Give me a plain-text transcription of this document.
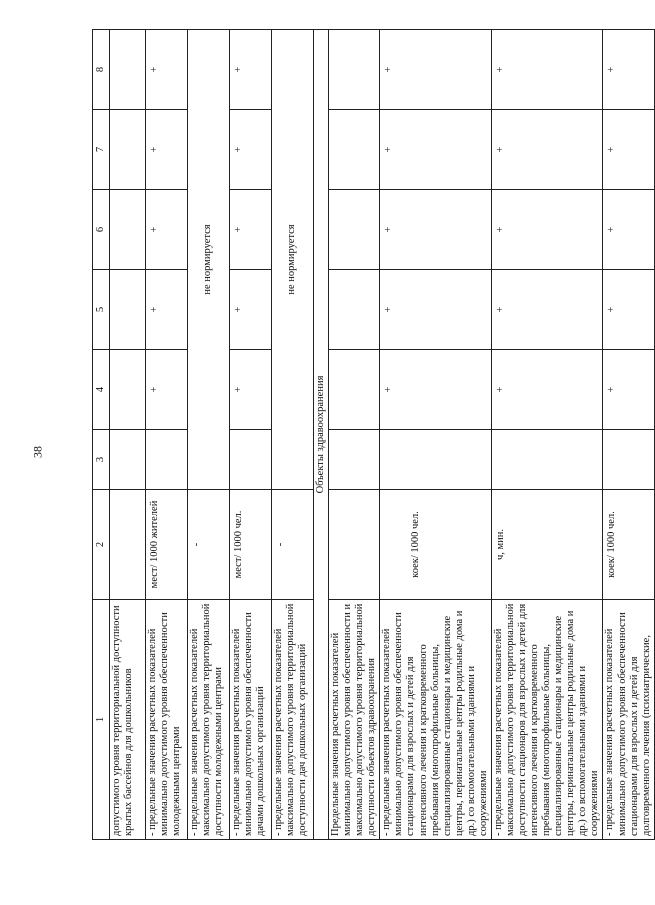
38
1	2	3	4	5	6	7	8
допустимого уровня территориальной доступности крытых бассейнов для дошкольников							
- предельные значения расчетных показателей минимально допустимого уровня обеспеченности молодежными центрами	мест/ 1000 жителей		+	+	+	+	+
- предельные значения расчетных показателей максимально допустимого уровня территориальной доступности молодежными центрами	-	не нормируется					
- предельные значения расчетных показателей минимально допустимого уровня обеспеченности дачами дошкольных организаций	мест/ 1000 чел.		+	+	+	+	+
- предельные значения расчетных показателей максимально допустимого уровня территориальной доступности дач дошкольных организаций	-	не нормируется					
Объекты здравоохранения							
Предельные значения расчетных показателей минимально допустимого уровня обеспеченности и максимально допустимого уровня территориальной доступности объектов здравоохранения							
- предельные значения расчетных показателей минимально допустимого уровня обеспеченности стационарами для взрослых и детей для интенсивного лечения и кратковременного пребывания (многопрофильные больницы, специализированные стационары и медицинские центры, перинатальные центры родильные дома и др.) со вспомогательными зданиями и сооружениями	коек/ 1000 чел.		+	+	+	+	+
- предельные значения расчетных показателей максимально допустимого уровня территориальной доступности стационаров для взрослых и детей для интенсивного лечения и кратковременного пребывания (многопрофильные больницы, специализированные стационары и медицинские центры, перинатальные центры родильные дома и др.) со вспомогательными зданиями и сооружениями	ч, мин.		+	+	+	+	+
- предельные значения расчетных показателей минимально допустимого уровня обеспеченности стационарами для взрослых и детей для долговременного лечения (психиатрические,	коек/ 1000 чел.		+	+	+	+	+
